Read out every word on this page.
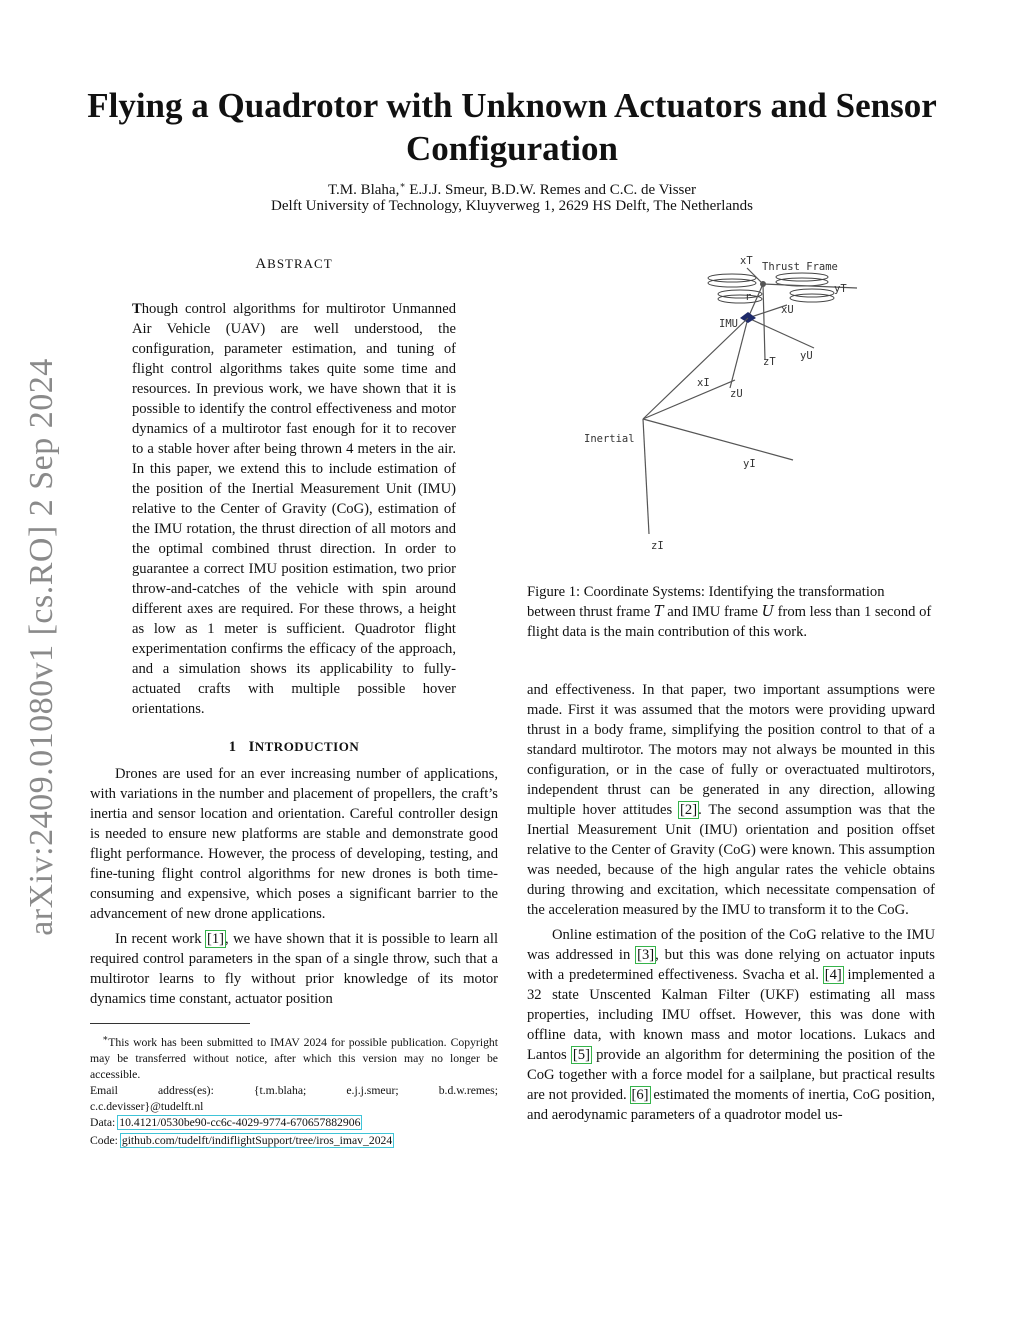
arXiv:2409.01080v1 [cs.RO] 2 Sep 2024
Flying a Quadrotor with Unknown Actuators and Sensor Configuration
T.M. Blaha,∗ E.J.J. Smeur, B.D.W. Remes and C.C. de Visser
Delft University of Technology, Kluyverweg 1, 2629 HS Delft, The Netherlands
ABSTRACT

Though control algorithms for multirotor Unmanned Air Vehicle (UAV) are well understood, the configuration, parameter estimation, and tuning of flight control algorithms takes quite some time and resources. In previous work, we have shown that it is possible to identify the control effectiveness and motor dynamics of a multirotor fast enough for it to recover to a stable hover after being thrown 4 meters in the air. In this paper, we extend this to include estimation of the position of the Inertial Measurement Unit (IMU) relative to the Center of Gravity (CoG), estimation of the IMU rotation, the thrust direction of all motors and the optimal combined thrust direction. In order to guarantee a correct IMU position estimation, two prior throw-and-catches of the vehicle with spin around different axes are required. For these throws, a height as low as 1 meter is sufficient. Quadrotor flight experimentation confirms the efficacy of the approach, and a simulation shows its applicability to fully-actuated crafts with multiple possible hover orientations.

1 INTRODUCTION

Drones are used for an ever increasing number of applications, with variations in the number and placement of propellers, the craft’s inertia and sensor location and orientation. Careful controller design is needed to ensure new platforms are stable and demonstrate good flight performance. However, the process of developing, testing, and fine-tuning flight control algorithms for new drones is both time-consuming and expensive, which poses a significant barrier to the advancement of new drone applications.

In recent work [1], we have shown that it is possible to learn all required control parameters in the span of a single throw, such that a multirotor learns to fly without prior knowledge of its motor dynamics time constant, actuator position

∗This work has been submitted to IMAV 2024 for possible publication. Copyright may be transferred without notice, after which this version may no longer be accessible.

Email	address(es):	{t.m.blaha;	e.j.j.smeur;	b.d.w.remes;

c.c.devisser}@tudelft.nl

Data: 10.4121/0530be90-cc6c-4029-9774-670657882906

Code: github.com/tudelft/indiflightSupport/tree/iros_imav_2024

xT Thrust Frame
yT
r
xU
IMU
zT yU
xI
zU
Inertial
yI
zI

Figure 1: Coordinate Systems: Identifying the transformation between thrust frame T and IMU frame U from less than 1 second of flight data is the main contribution of this work.

and effectiveness. In that paper, two important assumptions were made. First it was assumed that the motors were providing upward thrust in a body frame, simplifying the position control to that of a standard multirotor. The motors may not always be mounted in this configuration, or in the case of fully or overactuated multirotors, independent thrust can be generated in any direction, allowing multiple hover attitudes [2]. The second assumption was that the Inertial Measurement Unit (IMU) orientation and position offset relative to the Center of Gravity (CoG) were known. This assumption was needed, because of the high angular rates the vehicle obtains during throwing and excitation, which necessitate compensation of the acceleration measured by the IMU to transform it to the CoG.

Online estimation of the position of the CoG relative to the IMU was addressed in [3], but this was done relying on actuator inputs with a predetermined effectiveness. Svacha et al. [4] implemented a 32 state Unscented Kalman Filter (UKF) estimating all mass properties, including IMU offset. However, this was done with offline data, with known mass and motor locations. Lukacs and Lantos [5] provide an algorithm for determining the position of the CoG together with a force model for a sailplane, but practical results are not provided. [6] estimated the moments of inertia, CoG position, and aerodynamic parameters of a quadrotor model us-
